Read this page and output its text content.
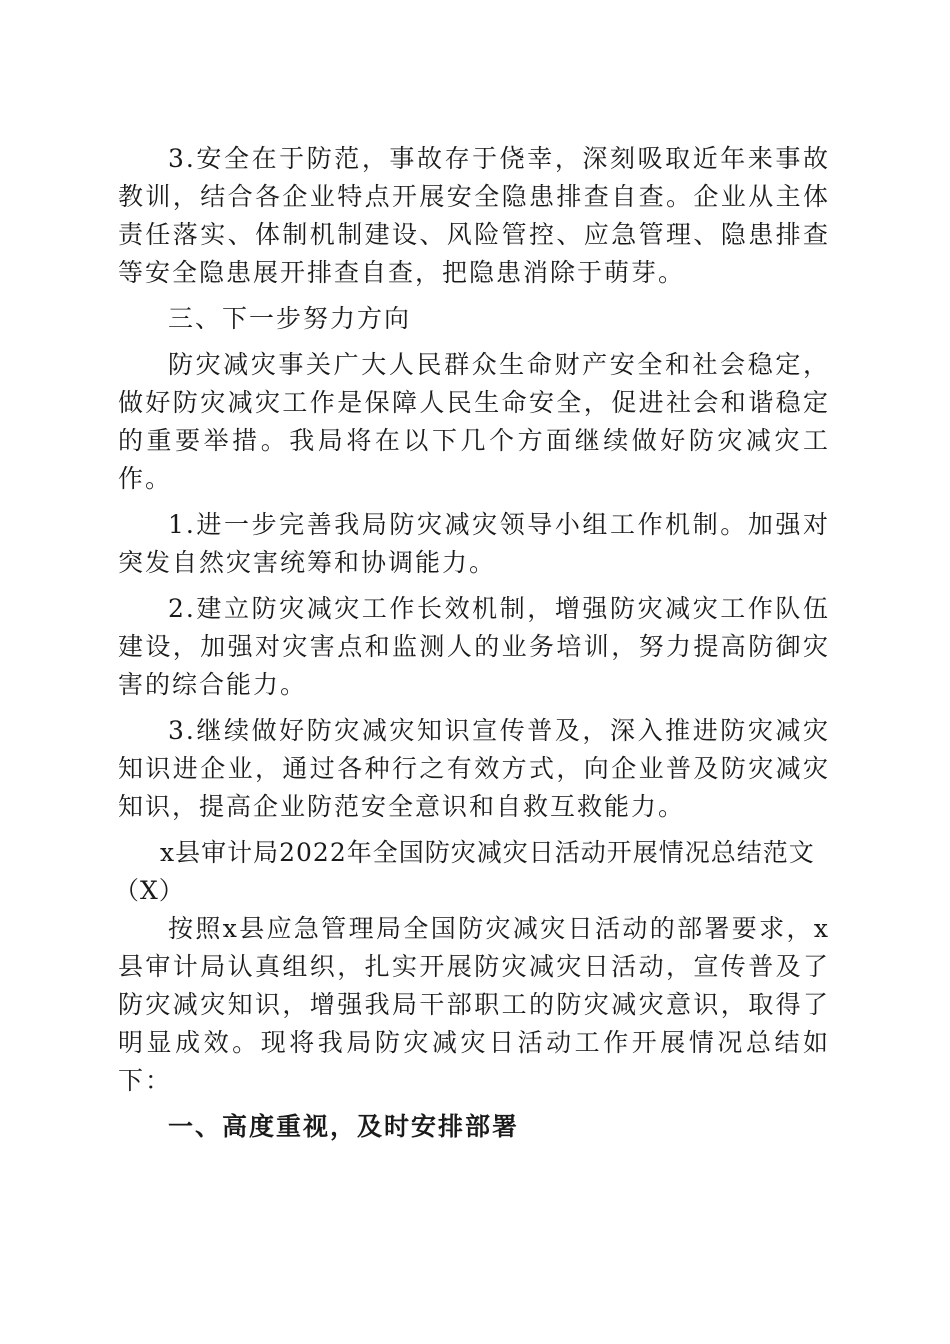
3.安全在于防范，事故存于侥幸，深刻吸取近年来事故教训，结合各企业特点开展安全隐患排查自查。企业从主体责任落实、体制机制建设、风险管控、应急管理、隐患排查等安全隐患展开排查自查，把隐患消除于萌芽。

三、下一步努力方向

防灾减灾事关广大人民群众生命财产安全和社会稳定，做好防灾减灾工作是保障人民生命安全，促进社会和谐稳定的重要举措。我局将在以下几个方面继续做好防灾减灾工作。

1.进一步完善我局防灾减灾领导小组工作机制。加强对突发自然灾害统筹和协调能力。

2.建立防灾减灾工作长效机制，增强防灾减灾工作队伍建设，加强对灾害点和监测人的业务培训，努力提高防御灾害的综合能力。

3.继续做好防灾减灾知识宣传普及，深入推进防灾减灾知识进企业，通过各种行之有效方式，向企业普及防灾减灾知识，提高企业防范安全意识和自救互救能力。

x县审计局2022年全国防灾减灾日活动开展情况总结范文 （X）

按照x县应急管理局全国防灾减灾日活动的部署要求，x县审计局认真组织，扎实开展防灾减灾日活动，宣传普及了防灾减灾知识，增强我局干部职工的防灾减灾意识，取得了明显成效。现将我局防灾减灾日活动工作开展情况总结如下：

一、高度重视，及时安排部署
